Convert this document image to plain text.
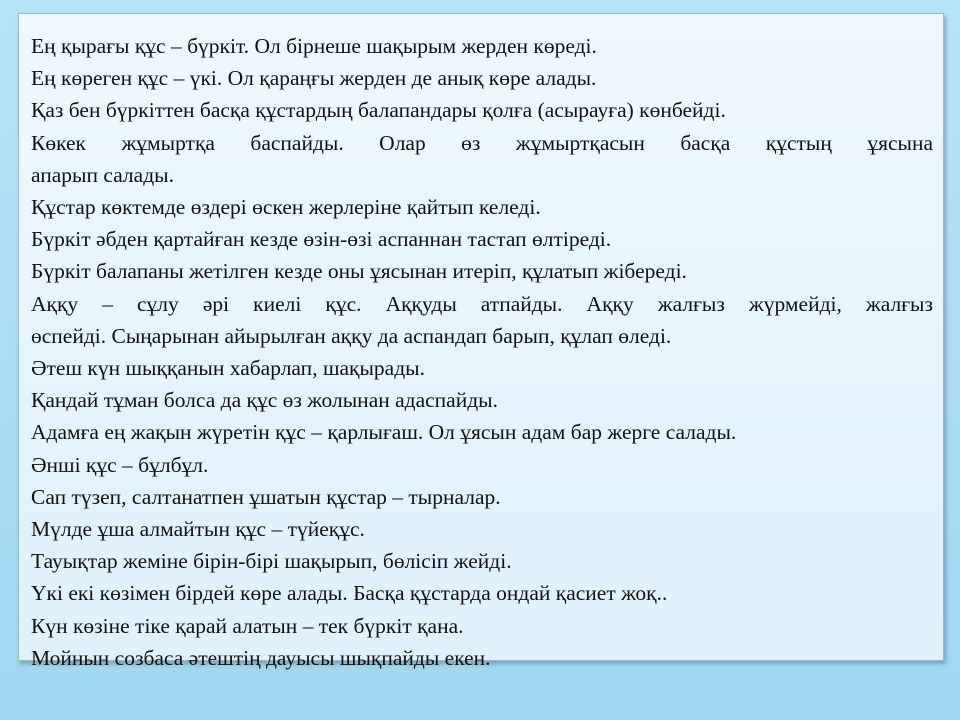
Ең қырағы құс – бүркіт. Ол бірнеше шақырым жерден көреді.
Ең көреген құс – үкі. Ол қараңғы жерден де анық көре алады.
Қаз бен бүркіттен басқа құстардың балапандары қолға (асырауға) көнбейді.
Көкек жұмыртқа баспайды. Олар өз жұмыртқасын басқа құстың ұясына
апарып салады.
Құстар көктемде өздері өскен жерлеріне қайтып келеді.
Бүркіт әбден қартайған кезде өзін-өзі аспаннан тастап өлтіреді.
Бүркіт балапаны жетілген кезде оны ұясынан итеріп, құлатып жібереді.
Аққу – сұлу әрі киелі құс. Аққуды атпайды. Аққу жалғыз жүрмейді, жалғыз
өспейді. Сыңарынан айырылған аққу да аспандап барып, құлап өледі.
Әтеш күн шыққанын хабарлап, шақырады.
Қандай тұман болса да құс өз жолынан адаспайды.
Адамға ең жақын жүретін құс – қарлығаш. Ол ұясын адам бар жерге салады.
Әнші құс – бұлбұл.
Сап түзеп, салтанатпен ұшатын құстар – тырналар.
Мүлде ұша алмайтын құс – түйеқұс.
Тауықтар жеміне бірін-бірі шақырып, бөлісіп жейді.
Үкі екі көзімен бірдей көре алады. Басқа құстарда ондай қасиет жоқ..
Күн көзіне тіке қарай алатын – тек бүркіт қана.
Мойнын созбаса әтештің дауысы шықпайды екен.
